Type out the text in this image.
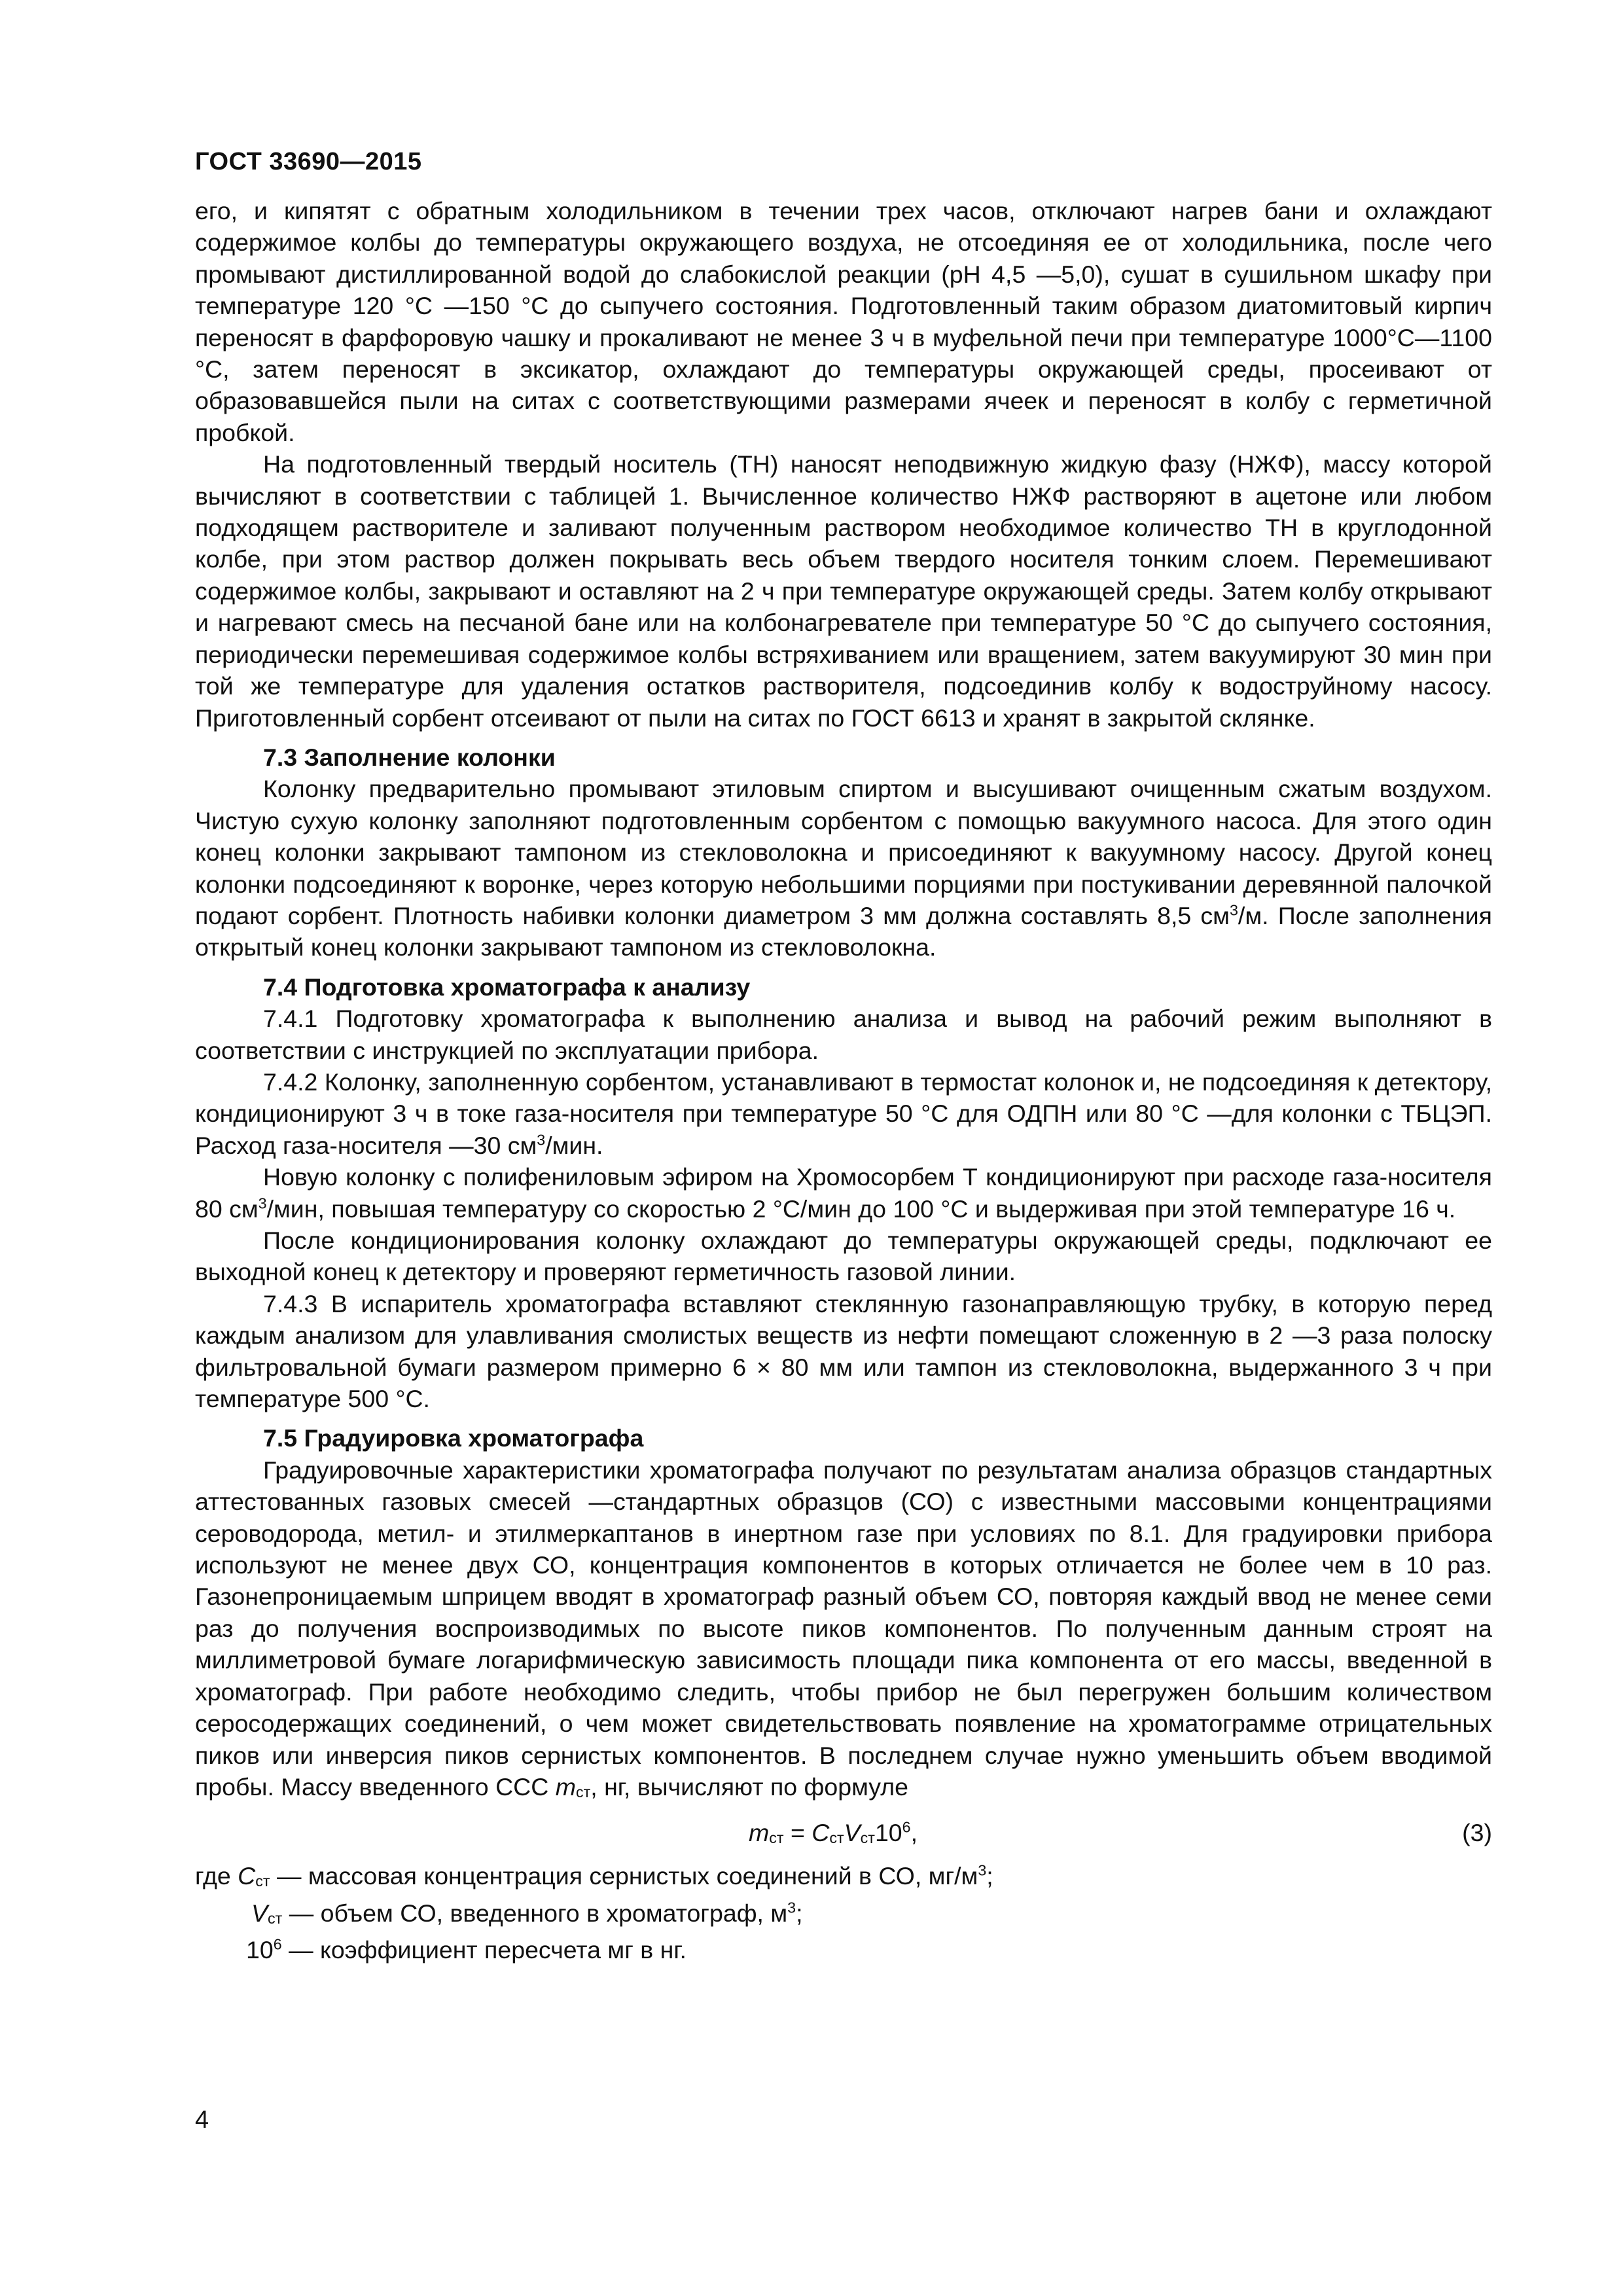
ГОСТ 33690—2015

его, и кипятят с обратным холодильником в течении трех часов, отключают нагрев бани и охлаждают содержимое колбы до температуры окружающего воздуха, не отсоединяя ее от холодильника, после чего промывают дистиллированной водой до слабокислой реакции (pH 4,5 —5,0), сушат в сушильном шкафу при температуре 120 °С —150 °С до сыпучего состояния. Подготовленный таким образом диатомитовый кирпич переносят в фарфоровую чашку и прокаливают не менее 3 ч в муфельной печи при температуре 1000°С—1100 °С, затем переносят в эксикатор, охлаждают до температуры окружающей среды, просеивают от образовавшейся пыли на ситах с соответствующими размерами ячеек и переносят в колбу с герметичной пробкой.

На подготовленный твердый носитель (ТН) наносят неподвижную жидкую фазу (НЖФ), массу которой вычисляют в соответствии с таблицей 1. Вычисленное количество НЖФ растворяют в ацетоне или любом подходящем растворителе и заливают полученным раствором необходимое количество ТН в круглодонной колбе, при этом раствор должен покрывать весь объем твердого носителя тонким слоем. Перемешивают содержимое колбы, закрывают и оставляют на 2 ч при температуре окружающей среды. Затем колбу открывают и нагревают смесь на песчаной бане или на колбонагревателе при температуре 50 °С до сыпучего состояния, периодически перемешивая содержимое колбы встряхиванием или вращением, затем вакуумируют 30 мин при той же температуре для удаления остатков растворителя, подсоединив колбу к водоструйному насосу. Приготовленный сорбент отсеивают от пыли на ситах по ГОСТ 6613 и хранят в закрытой склянке.

7.3 Заполнение колонки

Колонку предварительно промывают этиловым спиртом и высушивают очищенным сжатым воздухом. Чистую сухую колонку заполняют подготовленным сорбентом с помощью вакуумного насоса. Для этого один конец колонки закрывают тампоном из стекловолокна и присоединяют к вакуумному насосу. Другой конец колонки подсоединяют к воронке, через которую небольшими порциями при постукивании деревянной палочкой подают сорбент. Плотность набивки колонки диаметром 3 мм должна составлять 8,5 $см^3/м$. После заполнения открытый конец колонки закрывают тампоном из стекловолокна.

7.4 Подготовка хроматографа к анализу

7.4.1 Подготовку хроматографа к выполнению анализа и вывод на рабочий режим выполняют в соответствии с инструкцией по эксплуатации прибора.

7.4.2 Колонку, заполненную сорбентом, устанавливают в термостат колонок и, не подсоединяя к детектору, кондиционируют 3 ч в токе газа-носителя при температуре 50 °С для ОДПН или 80 °С —для колонки с ТБЦЭП. Расход газа-носителя —30 $см^3$/мин.

Новую колонку с полифениловым эфиром на Хромосорбем Т кондиционируют при расходе газа-носителя 80 $см^3$/мин, повышая температуру со скоростью 2 °С/мин до 100 °С и выдерживая при этой температуре 16 ч.

После кондиционирования колонку охлаждают до температуры окружающей среды, подключают ее выходной конец к детектору и проверяют герметичность газовой линии.

7.4.3 В испаритель хроматографа вставляют стеклянную газонаправляющую трубку, в которую перед каждым анализом для улавливания смолистых веществ из нефти помещают сложенную в 2 —3 раза полоску фильтровальной бумаги размером примерно 6 × 80 мм или тампон из стекловолокна, выдержанного 3 ч при температуре 500 °С.

7.5 Градуировка хроматографа

Градуировочные характеристики хроматографа получают по результатам анализа образцов стандартных аттестованных газовых смесей —стандартных образцов (СО) с известными массовыми концентрациями сероводорода, метил- и этилмеркаптанов в инертном газе при условиях по 8.1. Для градуировки прибора используют не менее двух СО, концентрация компонентов в которых отличается не более чем в 10 раз. Газонепроницаемым шприцем вводят в хроматограф разный объем СО, повторяя каждый ввод не менее семи раз до получения воспроизводимых по высоте пиков компонентов. По полученным данным строят на миллиметровой бумаге логарифмическую зависимость площади пика компонента от его массы, введенной в хроматограф. При работе необходимо следить, чтобы прибор не был перегружен большим количеством серосодержащих соединений, о чем может свидетельствовать появление на хроматограмме отрицательных пиков или инверсия пиков сернистых компонентов. В последнем случае нужно уменьшить объем вводимой пробы. Массу введенного ССС mст, нг, вычисляют по формуле

mст = $CстVст10^6$,	(3)
где Cст — массовая концентрация сернистых соединений в СО, $мг/м^3$;
Vст — объем СО, введенного в хроматограф, $м^3$;
$10^6$ — коэффициент пересчета мг в нг.
4
